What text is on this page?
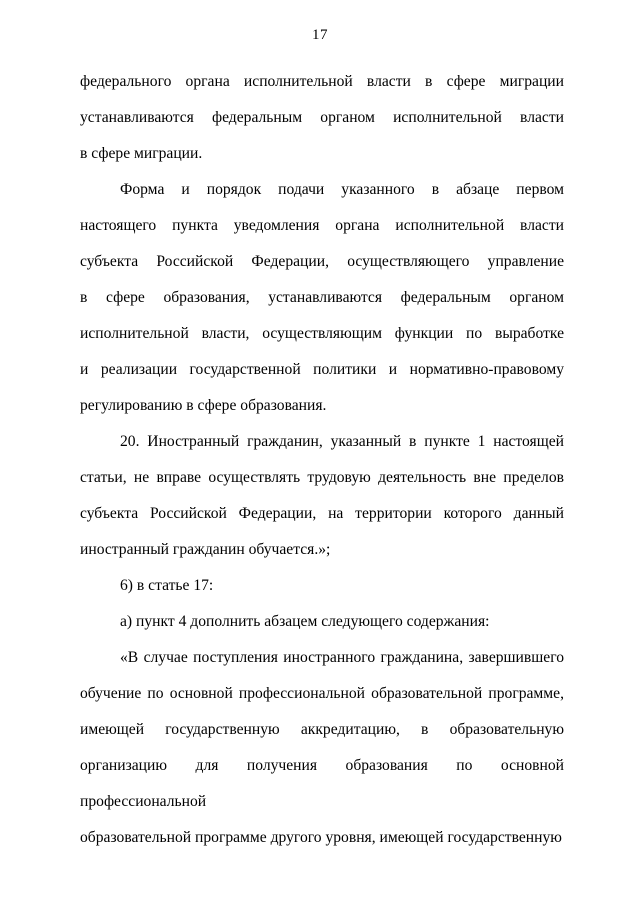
17
федерального органа исполнительной власти в сфере миграции
устанавливаются федеральным органом исполнительной власти
в сфере миграции.
Форма и порядок подачи указанного в абзаце первом
настоящего пункта уведомления органа исполнительной власти
субъекта Российской Федерации, осуществляющего управление
в сфере образования, устанавливаются федеральным органом
исполнительной власти, осуществляющим функции по выработке
и реализации государственной политики и нормативно-правовому
регулированию в сфере образования.
20. Иностранный гражданин, указанный в пункте 1 настоящей
статьи, не вправе осуществлять трудовую деятельность вне пределов
субъекта Российской Федерации, на территории которого данный
иностранный гражданин обучается.»;
6) в статье 17:
а) пункт 4 дополнить абзацем следующего содержания:
«В случае поступления иностранного гражданина, завершившего
обучение по основной профессиональной образовательной программе,
имеющей государственную аккредитацию, в образовательную
организацию для получения образования по основной профессиональной
образовательной программе другого уровня, имеющей государственную
